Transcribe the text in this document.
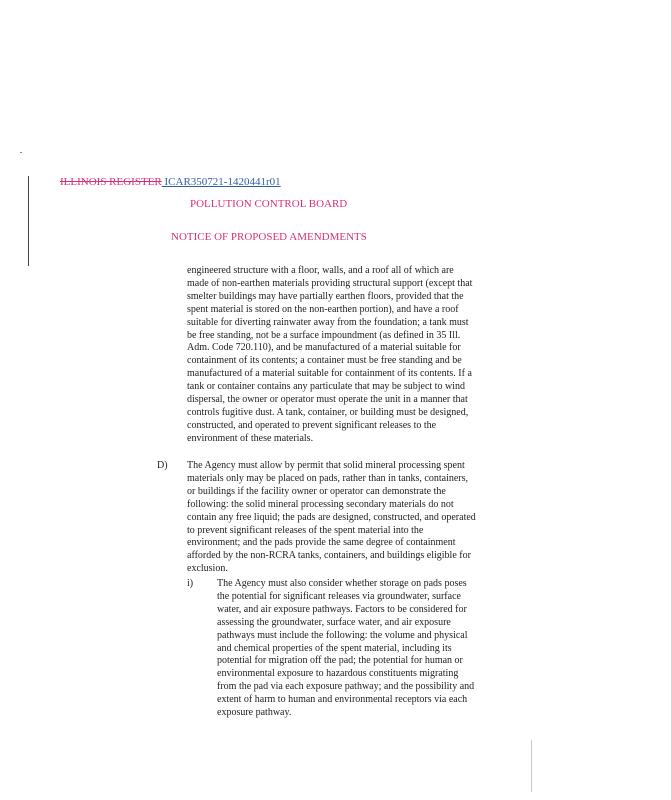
ILLINOIS REGISTER ICAR350721-1420441r01
POLLUTION CONTROL BOARD
NOTICE OF PROPOSED AMENDMENTS
engineered structure with a floor, walls, and a roof all of which are made of non-earthen materials providing structural support (except that smelter buildings may have partially earthen floors, provided that the spent material is stored on the non-earthen portion), and have a roof suitable for diverting rainwater away from the foundation; a tank must be free standing, not be a surface impoundment (as defined in 35 Ill. Adm. Code 720.110), and be manufactured of a material suitable for containment of its contents; a container must be free standing and be manufactured of a material suitable for containment of its contents. If a tank or container contains any particulate that may be subject to wind dispersal, the owner or operator must operate the unit in a manner that controls fugitive dust. A tank, container, or building must be designed, constructed, and operated to prevent significant releases to the environment of these materials.
D) The Agency must allow by permit that solid mineral processing spent materials only may be placed on pads, rather than in tanks, containers, or buildings if the facility owner or operator can demonstrate the following: the solid mineral processing secondary materials do not contain any free liquid; the pads are designed, constructed, and operated to prevent significant releases of the spent material into the environment; and the pads provide the same degree of containment afforded by the non-RCRA tanks, containers, and buildings eligible for exclusion.
i) The Agency must also consider whether storage on pads poses the potential for significant releases via groundwater, surface water, and air exposure pathways. Factors to be considered for assessing the groundwater, surface water, and air exposure pathways must include the following: the volume and physical and chemical properties of the spent material, including its potential for migration off the pad; the potential for human or environmental exposure to hazardous constituents migrating from the pad via each exposure pathway; and the possibility and extent of harm to human and environmental receptors via each exposure pathway.
